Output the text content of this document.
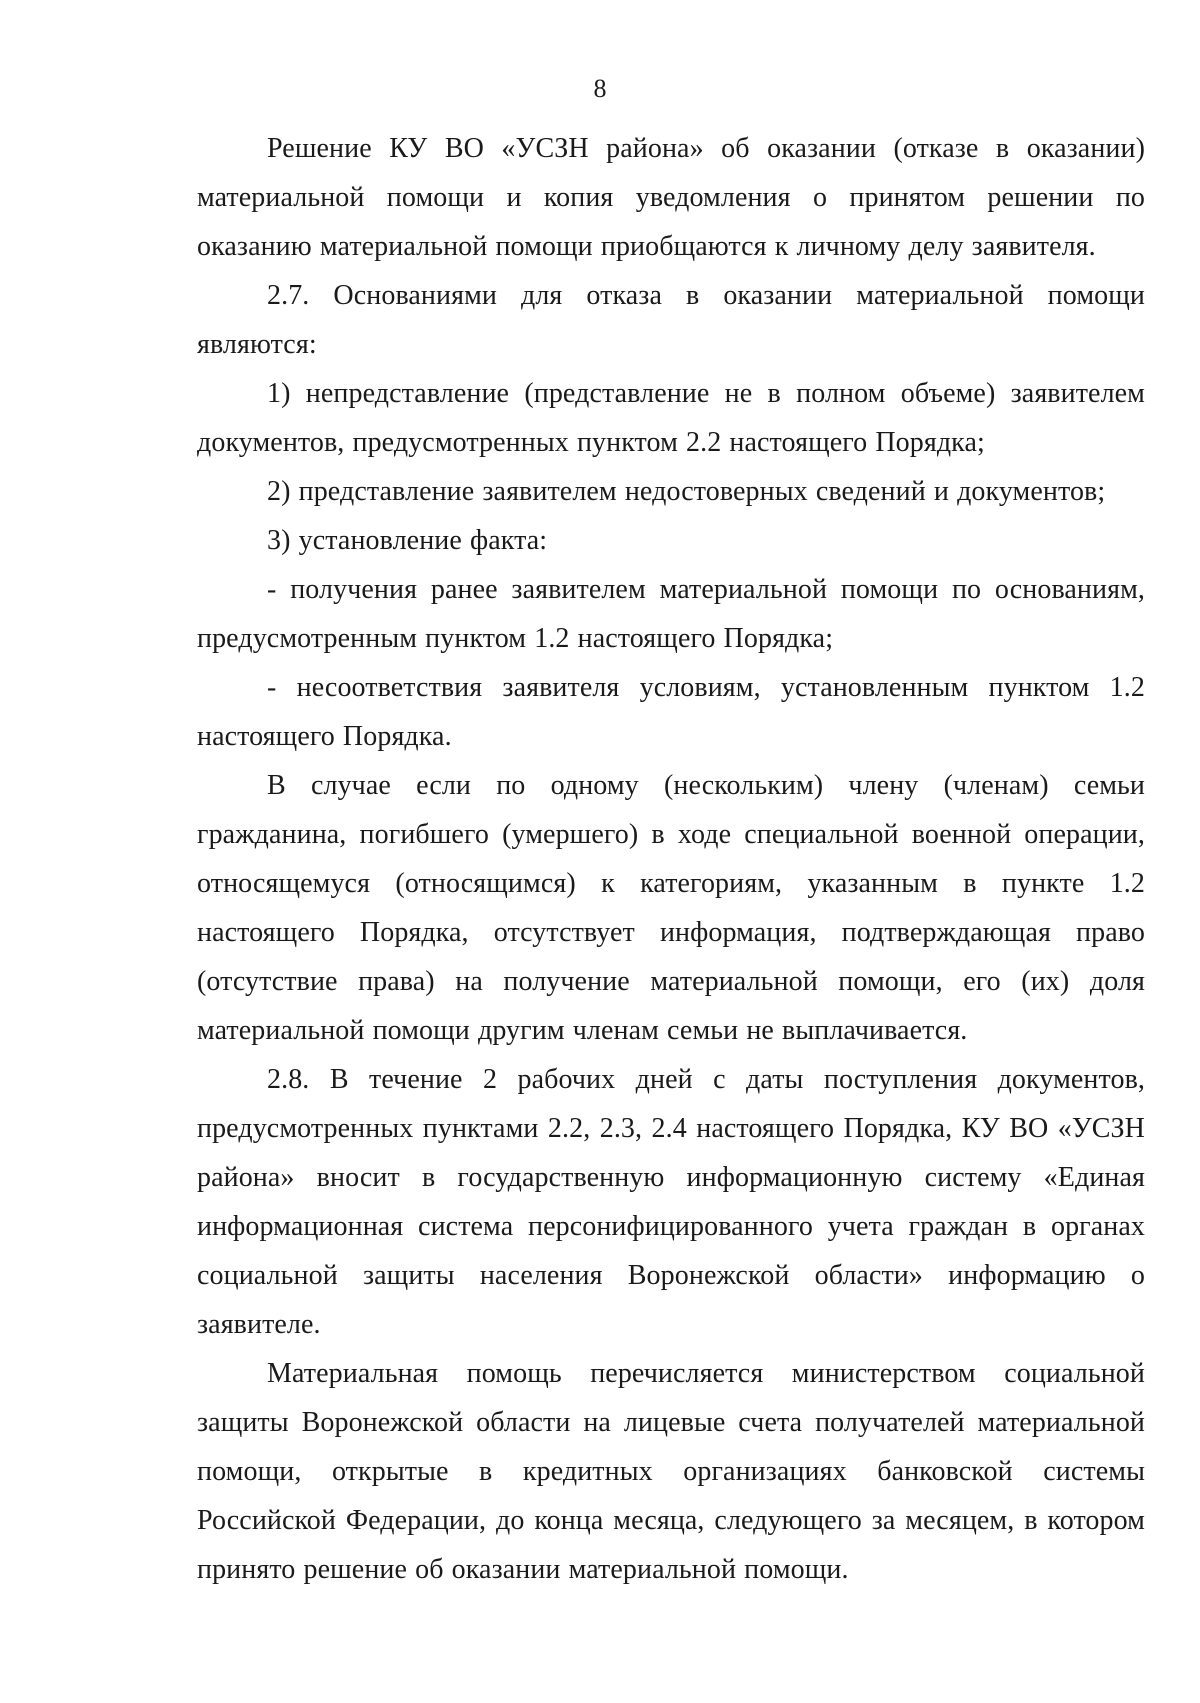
8

Решение КУ ВО «УСЗН района» об оказании (отказе в оказании) материальной помощи и копия уведомления о принятом решении по оказанию материальной помощи приобщаются к личному делу заявителя.

2.7. Основаниями для отказа в оказании материальной помощи являются:

1) непредставление (представление не в полном объеме) заявителем документов, предусмотренных пунктом 2.2 настоящего Порядка;

2) представление заявителем недостоверных сведений и документов;

3) установление факта:

- получения ранее заявителем материальной помощи по основаниям, предусмотренным пунктом 1.2 настоящего Порядка;

- несоответствия заявителя условиям, установленным пунктом 1.2 настоящего Порядка.

В случае если по одному (нескольким) члену (членам) семьи гражданина, погибшего (умершего) в ходе специальной военной операции, относящемуся (относящимся) к категориям, указанным в пункте 1.2 настоящего Порядка, отсутствует информация, подтверждающая право (отсутствие права) на получение материальной помощи, его (их) доля материальной помощи другим членам семьи не выплачивается.

2.8. В течение 2 рабочих дней с даты поступления документов, предусмотренных пунктами 2.2, 2.3, 2.4 настоящего Порядка, КУ ВО «УСЗН района» вносит в государственную информационную систему «Единая информационная система персонифицированного учета граждан в органах социальной защиты населения Воронежской области» информацию о заявителе.

Материальная помощь перечисляется министерством социальной защиты Воронежской области на лицевые счета получателей материальной помощи, открытые в кредитных организациях банковской системы Российской Федерации, до конца месяца, следующего за месяцем, в котором принято решение об оказании материальной помощи.
